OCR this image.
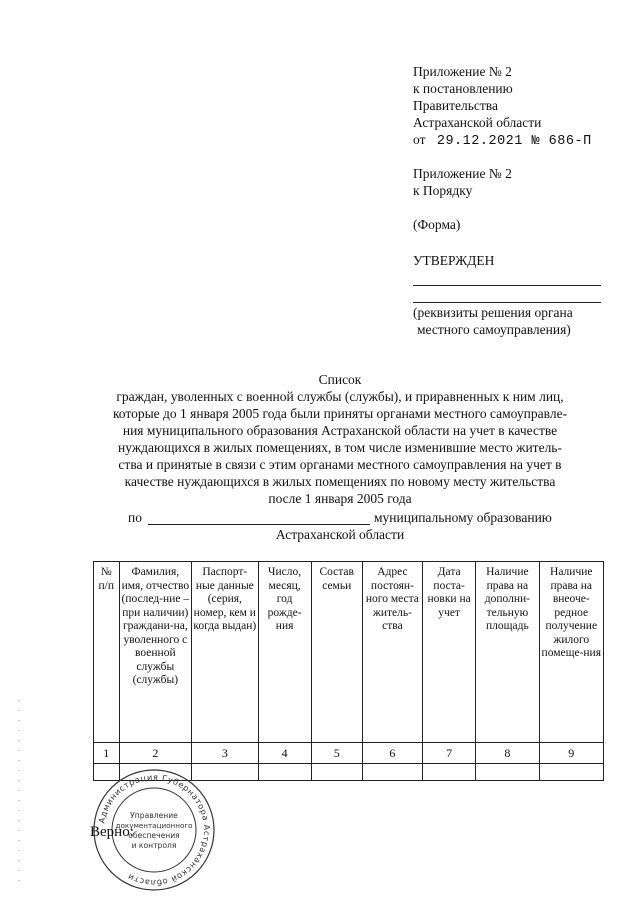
Приложение № 2
к постановлению
Правительства
Астраханской области
от 29.12.2021 № 686-П
Приложение № 2
к Порядку
(Форма)
УТВЕРЖДЕН
(реквизиты решения органа
местного самоуправления)
Список
граждан, уволенных с военной службы (службы), и приравненных к ним лиц,
которые до 1 января 2005 года были приняты органами местного самоуправле-
ния муниципального образования Астраханской области на учет в качестве
нуждающихся в жилых помещениях, в том числе изменившие место житель-
ства и принятые в связи с этим органами местного самоуправления на учет в
качестве нуждающихся в жилых помещениях по новому месту жительства
после 1 января 2005 года
по	муниципальному образованию
Астраханской области
№ п/п	Фамилия, имя, отчество (послед-ние – при наличии) граждани-на, уволенного с военной службы (службы)	Паспорт-ные данные (серия, номер, кем и когда выдан)	Число, месяц, год рожде-ния	Состав семьи	Адрес постоян-ного места житель-ства	Дата поста-новки на учет	Наличие права на дополни-тельную площадь	Наличие права на внеоче-редное получение жилого помеще-ния
1	2	3	4	5	6	7	8	9

Администрация Губернатора Астраханской области
Управление
документационного
обеспечения
и контроля
Верно:
